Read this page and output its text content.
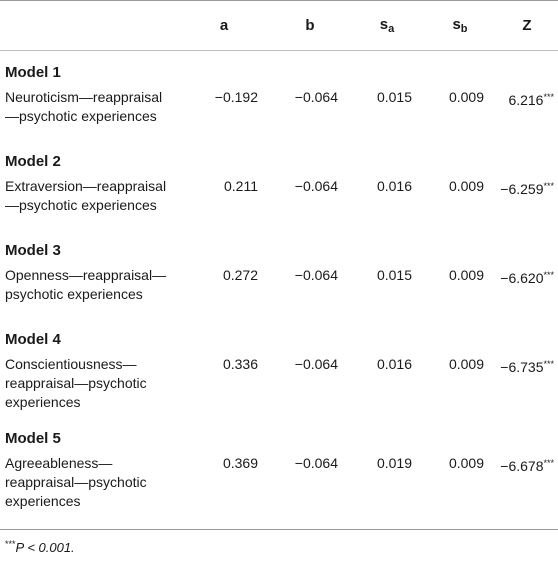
	a	b	$s_a$	$s_b$	Z
Model 1					
Neuroticism—reappraisal—psychotic experiences	−0.192	−0.064	0.015	0.009	6.216***
Model 2					
Extraversion—reappraisal—psychotic experiences	0.211	−0.064	0.016	0.009	−6.259***
Model 3					
Openness—reappraisal—psychotic experiences	0.272	−0.064	0.015	0.009	−6.620***
Model 4					
Conscientiousness—reappraisal—psychotic experiences	0.336	−0.064	0.016	0.009	−6.735***
Model 5					
Agreeableness—reappraisal—psychotic experiences	0.369	−0.064	0.019	0.009	−6.678***
***P < 0.001.
